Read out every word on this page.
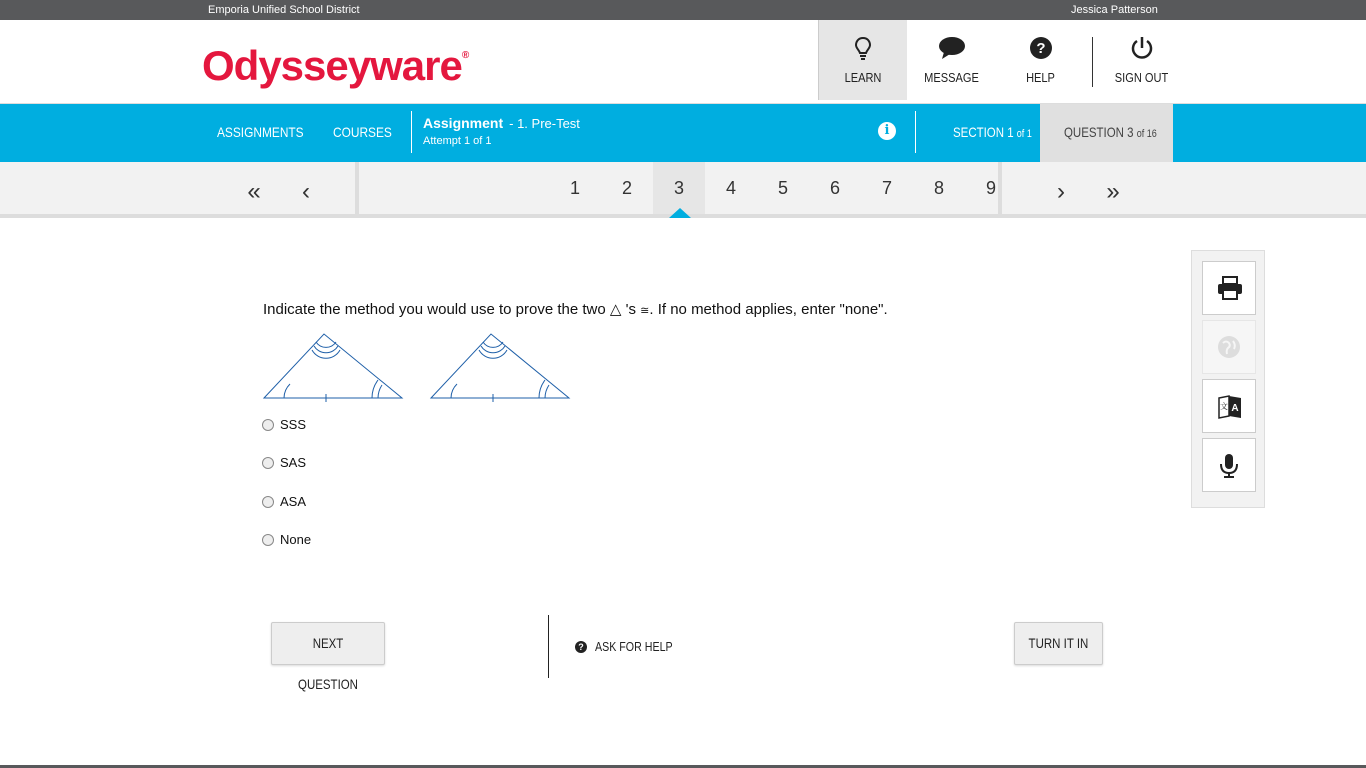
Emporia Unified School District	Jessica Patterson
Odysseyware®
LEARN	MESSAGE
?
HELP	SIGN OUT
ASSIGNMENTS COURSES
Assignment - 1. Pre-Test
Attempt 1 of 1
i	SECTION 1 of 1 QUESTION 3 of 16
«	‹	1	2	3	4	5	6	7	8	9	›	»
Indicate the method you would use to prove the two △ 's ≅. If no method applies, enter "none".
SSS
SAS
ASA
None
NEXT QUESTION
? ASK FOR HELP	TURN IT IN
A
文
